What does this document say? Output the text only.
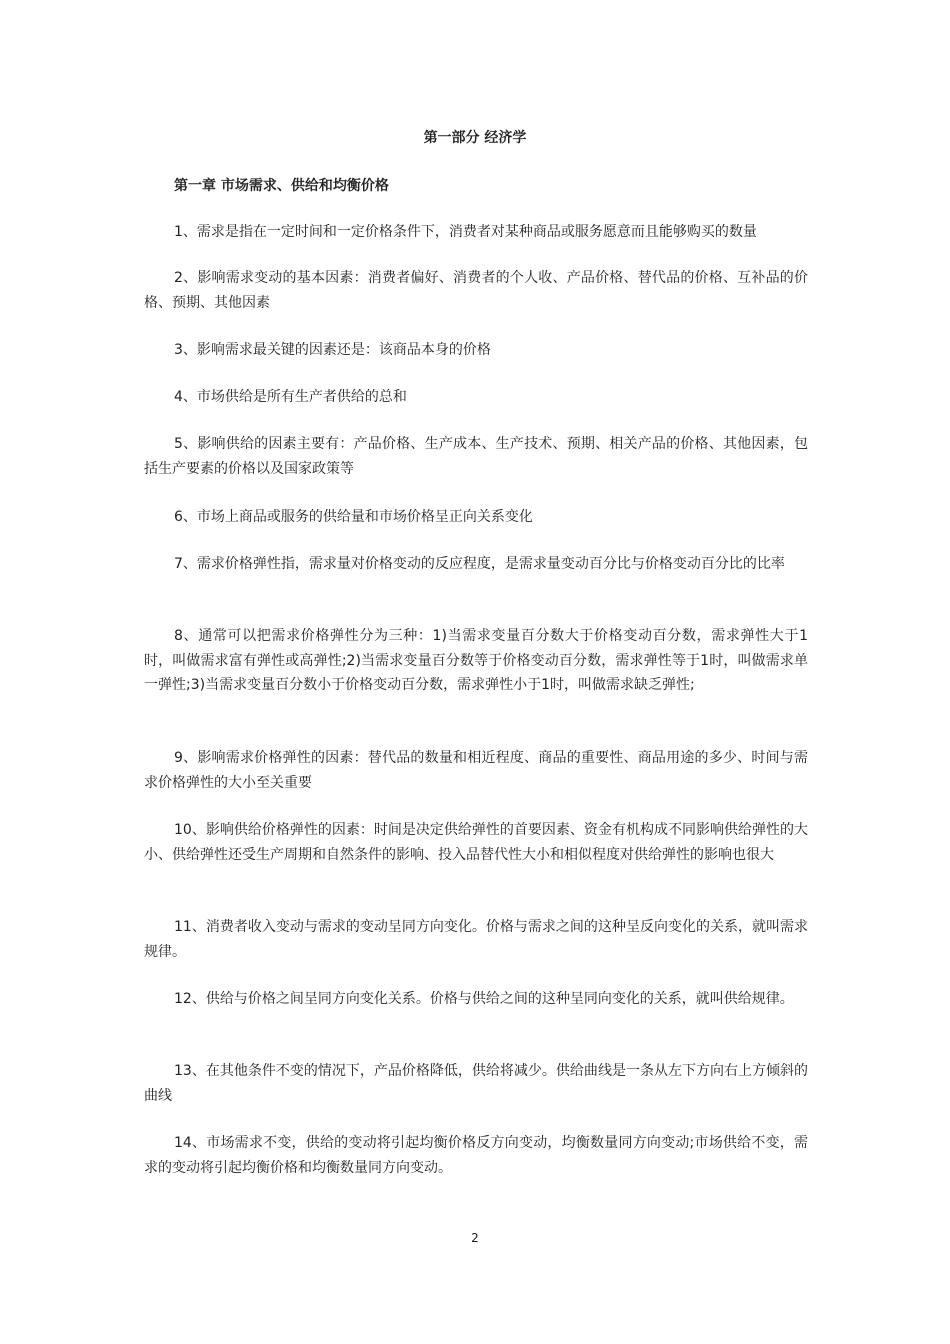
第一部分 经济学
第一章 市场需求、供给和均衡价格

1、需求是指在一定时间和一定价格条件下，消费者对某种商品或服务愿意而且能够购买的数量

2、影响需求变动的基本因素：消费者偏好、消费者的个人收、产品价格、替代品的价格、互补品的价格、预期、其他因素

3、影响需求最关键的因素还是：该商品本身的价格

4、市场供给是所有生产者供给的总和

5、影响供给的因素主要有：产品价格、生产成本、生产技术、预期、相关产品的价格、其他因素，包括生产要素的价格以及国家政策等

6、市场上商品或服务的供给量和市场价格呈正向关系变化

7、需求价格弹性指，需求量对价格变动的反应程度，是需求量变动百分比与价格变动百分比的比率

8、通常可以把需求价格弹性分为三种：1)当需求变量百分数大于价格变动百分数，需求弹性大于1时，叫做需求富有弹性或高弹性;2)当需求变量百分数等于价格变动百分数，需求弹性等于1时，叫做需求单一弹性;3)当需求变量百分数小于价格变动百分数，需求弹性小于1时，叫做需求缺乏弹性;

9、影响需求价格弹性的因素：替代品的数量和相近程度、商品的重要性、商品用途的多少、时间与需求价格弹性的大小至关重要

10、影响供给价格弹性的因素：时间是决定供给弹性的首要因素、资金有机构成不同影响供给弹性的大小、供给弹性还受生产周期和自然条件的影响、投入品替代性大小和相似程度对供给弹性的影响也很大

11、消费者收入变动与需求的变动呈同方向变化。价格与需求之间的这种呈反向变化的关系，就叫需求规律。

12、供给与价格之间呈同方向变化关系。价格与供给之间的这种呈同向变化的关系，就叫供给规律。

13、在其他条件不变的情况下，产品价格降低，供给将减少。供给曲线是一条从左下方向右上方倾斜的曲线

14、市场需求不变，供给的变动将引起均衡价格反方向变动，均衡数量同方向变动;市场供给不变，需求的变动将引起均衡价格和均衡数量同方向变动。

2
